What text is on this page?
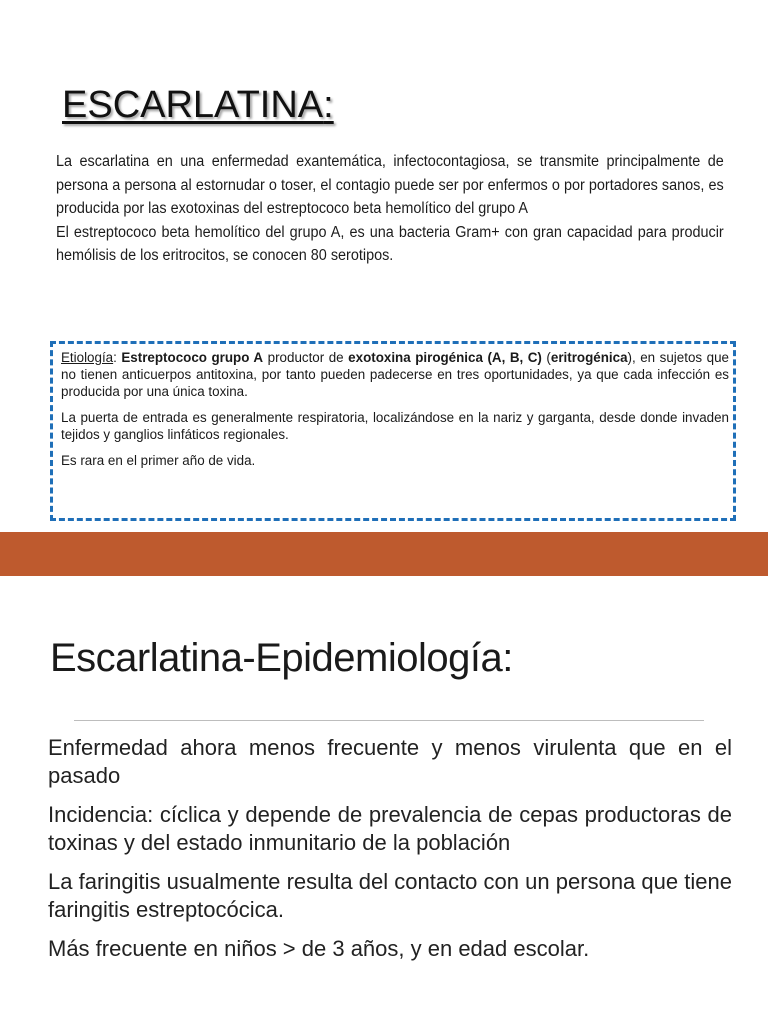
ESCARLATINA:

La escarlatina en una enfermedad exantemática, infectocontagiosa, se transmite principalmente de persona a persona al estornudar o toser, el contagio puede ser por enfermos o por portadores sanos, es producida por las exotoxinas del estreptococo beta hemolítico del grupo A

El estreptococo beta hemolítico del grupo A, es una bacteria Gram+ con gran capacidad para producir hemólisis de los eritrocitos, se conocen 80 serotipos.

Etiología: Estreptococo grupo A productor de exotoxina pirogénica (A, B, C) (eritrogénica), en sujetos que no tienen anticuerpos antitoxina, por tanto pueden padecerse en tres oportunidades, ya que cada infección es producida por una única toxina.

La puerta de entrada es generalmente respiratoria, localizándose en la nariz y garganta, desde donde invaden tejidos y ganglios linfáticos regionales.

Es rara en el primer año de vida.

Escarlatina-Epidemiología:

Enfermedad ahora menos frecuente y menos virulenta que en el pasado

Incidencia: cíclica y depende de prevalencia de cepas productoras de toxinas y del estado inmunitario de la población

La faringitis usualmente resulta del contacto con un persona que tiene faringitis estreptocócica.

Más frecuente en niños > de 3 años, y en edad escolar.
